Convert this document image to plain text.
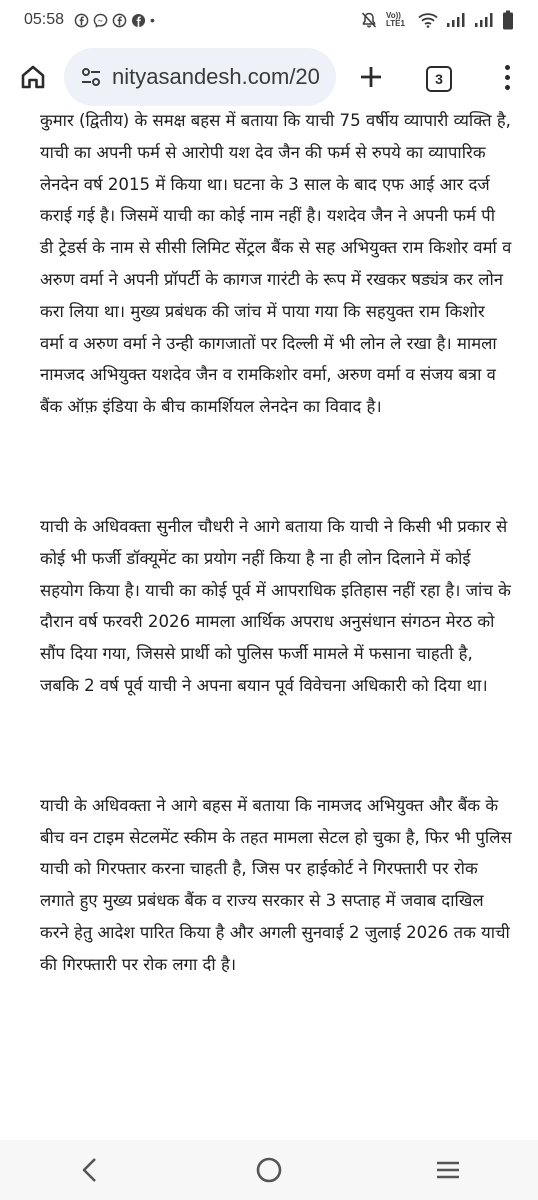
05:58	•	Vo)) LTE1
nityasandesh.com/20	3

कुमार (द्वितीय) के समक्ष बहस में बताया कि याची 75 वर्षीय व्यापारी व्यक्ति है, याची का अपनी फर्म से आरोपी यश देव जैन की फर्म से रुपये का व्यापारिक लेनदेन वर्ष 2015 में किया था। घटना के 3 साल के बाद एफ आई आर दर्ज कराई गई है। जिसमें याची का कोई नाम नहीं है। यशदेव जैन ने अपनी फर्म पी डी ट्रेडर्स के नाम से सीसी लिमिट सेंट्रल बैंक से सह अभियुक्त राम किशोर वर्मा व अरुण वर्मा ने अपनी प्रॉपर्टी के कागज गारंटी के रूप में रखकर षड्यंत्र कर लोन करा लिया था। मुख्य प्रबंधक की जांच में पाया गया कि सहयुक्त राम किशोर वर्मा व अरुण वर्मा ने उन्ही कागजातों पर दिल्ली में भी लोन ले रखा है। मामला नामजद अभियुक्त यशदेव जैन व रामकिशोर वर्मा, अरुण वर्मा व संजय बत्रा व बैंक ऑफ़ इंडिया के बीच कामर्शियल लेनदेन का विवाद है।

याची के अधिवक्ता सुनील चौधरी ने आगे बताया कि याची ने किसी भी प्रकार से कोई भी फर्जी डॉक्यूमेंट का प्रयोग नहीं किया है ना ही लोन दिलाने में कोई सहयोग किया है। याची का कोई पूर्व में आपराधिक इतिहास नहीं रहा है। जांच के दौरान वर्ष फरवरी 2026 मामला आर्थिक अपराध अनुसंधान संगठन मेरठ को सौंप दिया गया, जिससे प्रार्थी को पुलिस फर्जी मामले में फसाना चाहती है, जबकि 2 वर्ष पूर्व याची ने अपना बयान पूर्व विवेचना अधिकारी को दिया था।

याची के अधिवक्ता ने आगे बहस में बताया कि नामजद अभियुक्त और बैंक के बीच वन टाइम सेटलमेंट स्कीम के तहत मामला सेटल हो चुका है, फिर भी पुलिस याची को गिरफ्तार करना चाहती है, जिस पर हाईकोर्ट ने गिरफ्तारी पर रोक लगाते हुए मुख्य प्रबंधक बैंक व राज्य सरकार से 3 सप्ताह में जवाब दाखिल करने हेतु आदेश पारित किया है और अगली सुनवाई 2 जुलाई 2026 तक याची की गिरफ्तारी पर रोक लगा दी है।
